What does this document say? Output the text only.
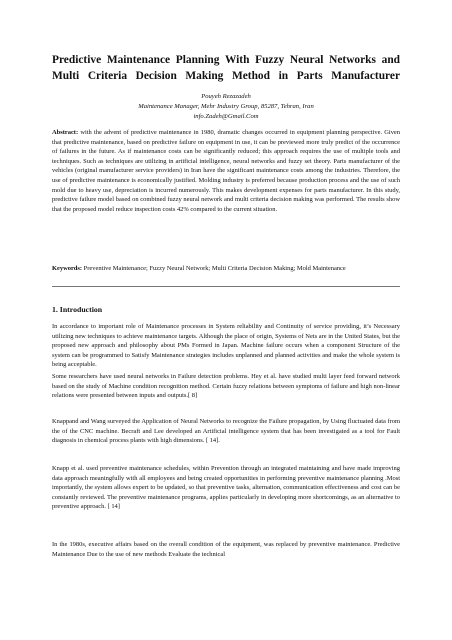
Predictive Maintenance Planning With Fuzzy Neural Networks and Multi Criteria Decision Making Method in Parts Manufacturer

Pouyeh Rezazadeh

Maintenance Manager, Mehr Industry Group, 85287, Tehran, Iran

info.Zadeh@Gmail.Com

Abstract: with the advent of predictive maintenance in 1980, dramatic changes occurred in equipment planning perspective. Given that predictive maintenance, based on predictive failure on equipment in use, it can be previewed more truly predict of the occurrence of failures in the future. As if maintenance costs can be significantly reduced; this approach requires the use of multiple tools and techniques. Such as techniques are utilizing in artificial intelligence, neural networks and fuzzy set theory. Parts manufacturer of the vehicles (original manufacturer service providers) in Iran have the significant maintenance costs among the industries. Therefore, the use of predictive maintenance is economically justified. Molding industry is preferred because production process and the use of such mold due to heavy use, depreciation is incurred numerously. This makes development expenses for parts manufacturer. In this study, predictive failure model based on combined fuzzy neural network and multi criteria decision making was performed. The results show that the proposed model reduce inspection costs 42% compared to the current situation.

Keywords: Preventive Maintenance; Fuzzy Neural Network; Multi Criteria Decision Making; Mold Maintenance

1. Introduction

In accordance to important role of Maintenance processes in System reliability and Continuity of service providing, it’s Necessary utilizing new techniques to achieve maintenance targets. Although the place of origin, Systems of Nets are in the United States, but the proposed new approach and philosophy about PMs Formed in Japan. Machine failure occurs when a component Structure of the system can be programmed to Satisfy Maintenance strategies includes unplanned and planned activities and make the whole system is being acceptable.

Some researchers have used neural networks in Failure detection problems. Hey et al. have studied multi layer feed forward network based on the study of Machine condition recognition method. Certain fuzzy relations between symptoms of failure and high non-linear relations were presented between inputs and outputs.[ 8]

Knappand and Wang surveyed the Application of Neural Networks to recognize the Failure propagation, by Using fluctuated data from the of the CNC machine. Becraft and Lee developed an Artificial intelligence system that has been investigated as a tool for Fault diagnosis in chemical process plants with high dimensions. [ 14].

Knapp et al. used preventive maintenance schedules, within Prevention through an integrated maintaining and have made improving data approach meaningfully with all employees and being created opportunities in performing preventive maintenance planning .Most importantly, the system allows expert to be updated, so that preventive tasks, alternation, communication effectiveness and cost can be constantly reviewed. The preventive maintenance programs, applies particularly in developing more shortcomings, as an alternative to preventive approach. [ 14]

In the 1980s, executive affairs based on the overall condition of the equipment, was replaced by preventive maintenance. Predictive Maintenance Due to the use of new methods Evaluate the technical
